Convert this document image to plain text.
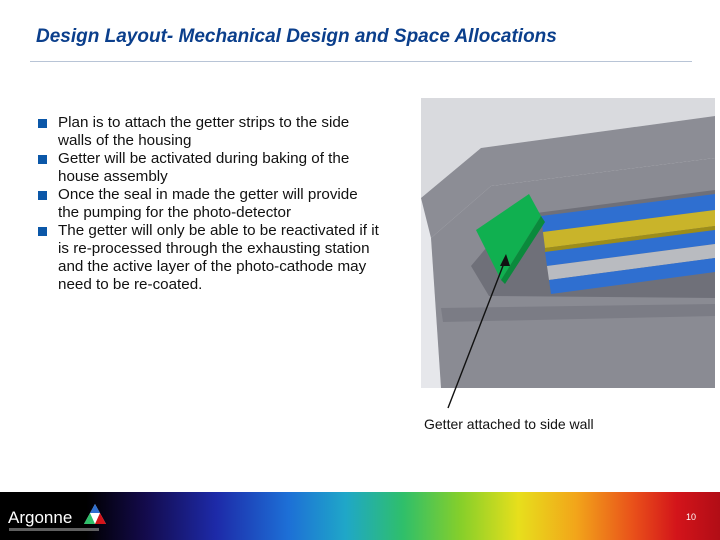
Design Layout- Mechanical Design and Space Allocations
Plan is to attach the getter strips to the side walls of the housing
Getter will be activated during baking of the house assembly
Once the seal in made the getter will provide the pumping for the photo-detector
The getter will only be able to be reactivated if it is re-processed through the exhausting station and the active layer of the photo-cathode may need to be re-coated.
Getter attached to side wall
Argonne	10
